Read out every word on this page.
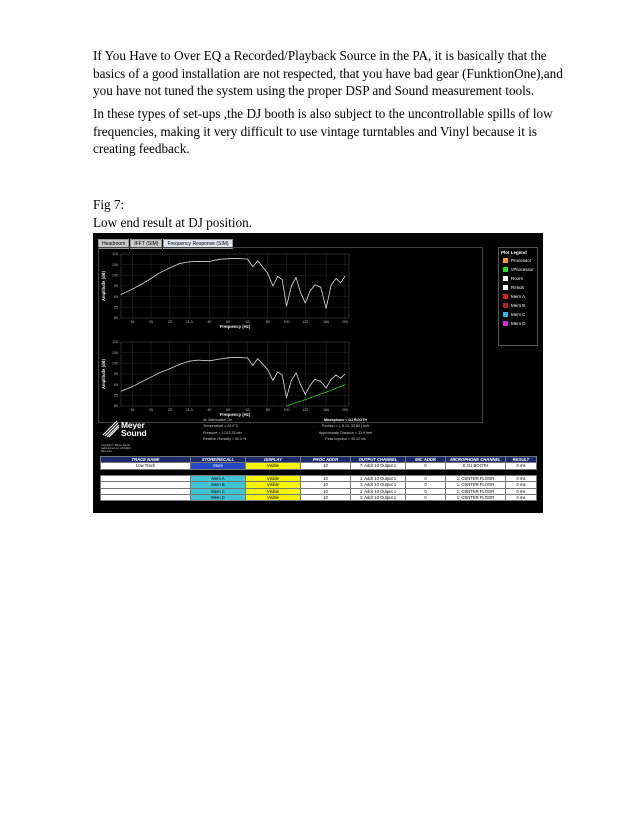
If You Have to Over EQ a Recorded/Playback Source in the PA, it is basically that the basics of a good installation are not respected, that you have bad gear (FunktionOne),and you have not tuned the system using the proper DSP and Sound measurement tools.
In these types of set-ups ,the DJ booth is also subject to the uncontrollable spills of low frequencies, making it very difficult to use vintage turntables and Vinyl because it is creating feedback.
Fig 7:
Low end result at DJ position.
Headroom	IFFT (SIM)	Frequency Response (SIM)
16	20	25	31.5	40	50	63	80	100	125	160	200
110
105
100
95
90
85
80
Frequency (Hz)
Amplitude (dB)
16	20	25	31.5	40	50	63	80	100	125	160	200
110
105
100
95
90
85
80
Frequency (Hz)
Amplitude (dB)
Plot Legend
Processor
!/Processor
Room
Result
Mem A
Mem B
Mem C
Mem D
Meyer
Sound
Copyright © Meyer Sound Laboratories Inc. All Rights Reserved
Air Attenuation On
Temperature = 20.0°C
Pressure = 1.013.25 mb
Relative Humidity = 50.0 %
Microphone = DJ BOOTH
Position = (- 8.15, 32.85 ) feet
Approximate Distance = 33.9 feet
Peak Impulse = 45.12 ms
TRACE NAME	STORE/RECALL	DISPLAY	PROC ADDR	OUTPUT CHANNEL	MIC ADDR	MICROPHONE CHANNEL	RESULT
Low Track	Store	Visible	10	7: Addr 10 Output 1	0	8: DJ BOOTH	0 ms
	Mem A	Visible	10	1: Addr 10 Output 1	0	1: CENTER FLOOR	0 ms
	Mem B	Visible	10	1: Addr 10 Output 1	0	1: CENTER FLOOR	0 ms
	Mem C	Visible	10	1: Addr 10 Output 1	0	1: CENTER FLOOR	0 ms
	Mem D	Visible	10	1: Addr 10 Output 1	0	1: CENTER FLOOR	0 ms
